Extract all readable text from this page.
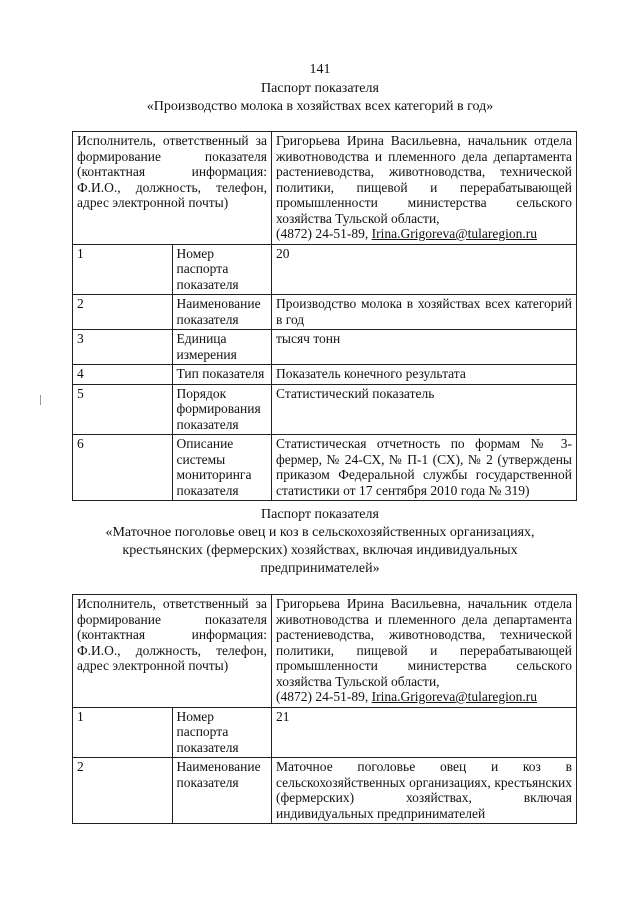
141
Паспорт показателя
«Производство молока в хозяйствах всех категорий в год»
Исполнитель, ответственный за формирование показателя (контактная информация: Ф.И.О., должность, телефон, адрес электронной почты)		Григорьева Ирина Васильевна, начальник отдела животноводства и племенного дела департамента растениеводства, животноводства, технической политики, пищевой и перерабатывающей промышленности министерства сельского хозяйства Тульской области,
(4872) 24-51-89, Irina.Grigoreva@tularegion.ru
1	Номер паспорта показателя	20
2	Наименование показателя	Производство молока в хозяйствах всех категорий в год
3	Единица измерения	тысяч тонн
4	Тип показателя	Показатель конечного результата
5	Порядок формирования показателя	Статистический показатель
6	Описание системы мониторинга показателя	Статистическая отчетность по формам № 3-фермер, № 24-СХ, № П-1 (СХ), № 2 (утверждены приказом Федеральной службы государственной статистики от 17 сентября 2010 года № 319)
Паспорт показателя
«Маточное поголовье овец и коз в сельскохозяйственных организациях,
крестьянских (фермерских) хозяйствах, включая индивидуальных
предпринимателей»
Исполнитель, ответственный за формирование показателя (контактная информация: Ф.И.О., должность, телефон, адрес электронной почты)		Григорьева Ирина Васильевна, начальник отдела животноводства и племенного дела департамента растениеводства, животноводства, технической политики, пищевой и перерабатывающей промышленности министерства сельского хозяйства Тульской области,
(4872) 24-51-89, Irina.Grigoreva@tularegion.ru
1	Номер паспорта показателя	21
2	Наименование показателя	Маточное поголовье овец и коз в сельскохозяйственных организациях, крестьянских (фермерских) хозяйствах, включая индивидуальных предпринимателей
